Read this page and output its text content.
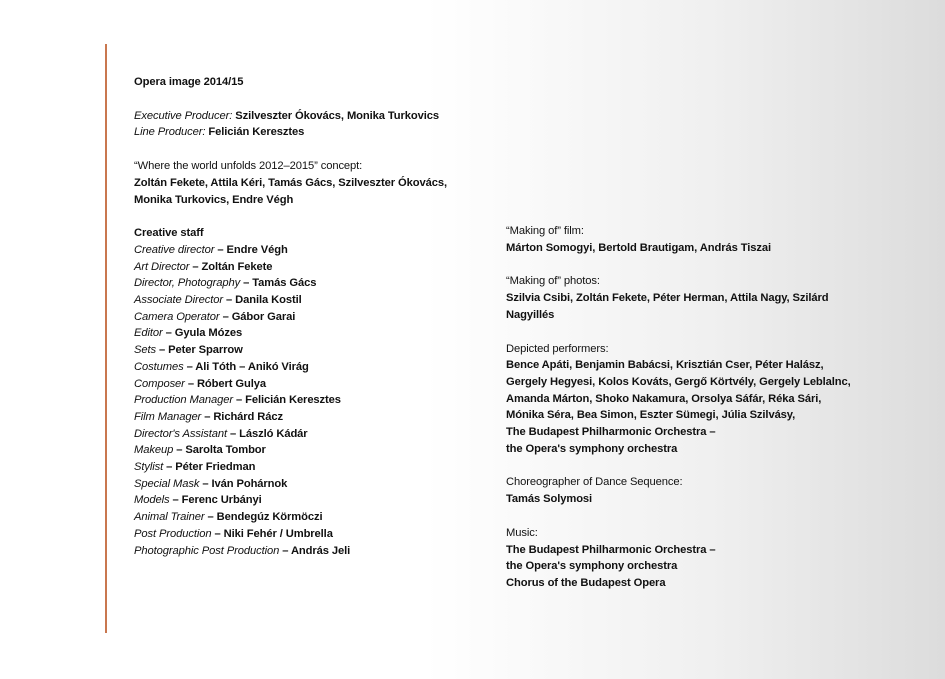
Opera image 2014/15
Executive Producer: Szilveszter Ókovács, Monika Turkovics
Line Producer: Felicián Keresztes
“Where the world unfolds 2012–2015” concept:
Zoltán Fekete, Attila Kéri, Tamás Gács, Szilveszter Ókovács,
Monika Turkovics, Endre Végh
Creative staff
Creative director – Endre Végh
Art Director – Zoltán Fekete
Director, Photography – Tamás Gács
Associate Director – Danila Kostil
Camera Operator – Gábor Garai
Editor – Gyula Mózes
Sets – Peter Sparrow
Costumes – Ali Tóth – Anikó Virág
Composer – Róbert Gulya
Production Manager – Felicián Keresztes
Film Manager – Richárd Rácz
Director's Assistant – László Kádár
Makeup – Sarolta Tombor
Stylist – Péter Friedman
Special Mask – Iván Pohárnok
Models – Ferenc Urbányi
Animal Trainer – Bendegúz Körmöczi
Post Production – Niki Fehér / Umbrella
Photographic Post Production – András Jeli
“Making of” film:
Márton Somogyi, Bertold Brautigam, András Tiszai
“Making of” photos:
Szilvia Csibi, Zoltán Fekete, Péter Herman, Attila Nagy, Szilárd
Nagyillés
Depicted performers:
Bence Apáti, Benjamin Babácsi, Krisztián Cser, Péter Halász,
Gergely Hegyesi, Kolos Kováts, Gergő Körtvély, Gergely Leblalnc,
Amanda Márton, Shoko Nakamura, Orsolya Sáfár, Réka Sári,
Mónika Séra, Bea Simon, Eszter Sümegi, Júlia Szilvásy,
The Budapest Philharmonic Orchestra –
the Opera's symphony orchestra
Choreographer of Dance Sequence:
Tamás Solymosi
Music:
The Budapest Philharmonic Orchestra –
the Opera's symphony orchestra
Chorus of the Budapest Opera
